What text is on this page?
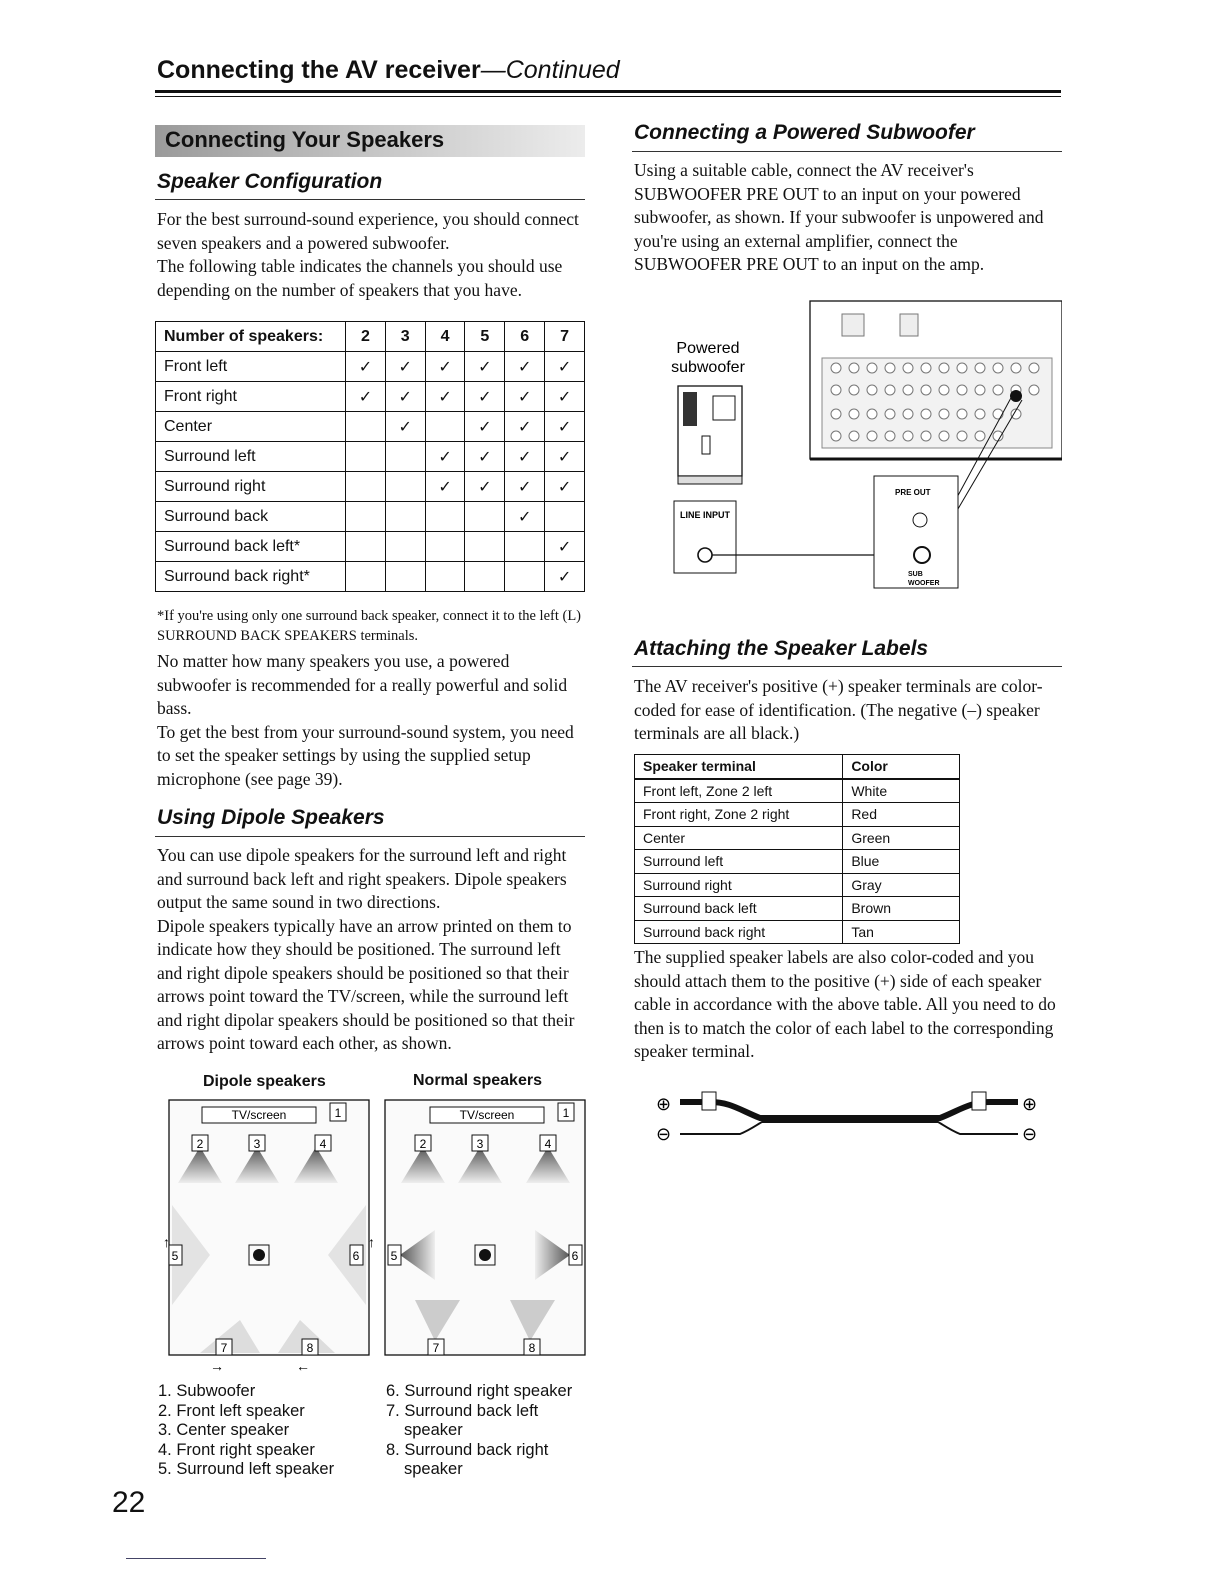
Connecting the AV receiver—Continued
Connecting Your Speakers
Speaker Configuration
For the best surround-sound experience, you should connect seven speakers and a powered subwoofer.
The following table indicates the channels you should use depending on the number of speakers that you have.
Number of speakers:	2	3	4	5	6	7
Front left	✓	✓	✓	✓	✓	✓
Front right	✓	✓	✓	✓	✓	✓
Center		✓		✓	✓	✓
Surround left			✓	✓	✓	✓
Surround right			✓	✓	✓	✓
Surround back					✓	
Surround back left*						✓
Surround back right*						✓
*If you're using only one surround back speaker, connect it to the left (L) SURROUND BACK SPEAKERS terminals.
No matter how many speakers you use, a powered subwoofer is recommended for a really powerful and solid bass.
To get the best from your surround-sound system, you need to set the speaker settings by using the supplied setup microphone (see page 39).
Using Dipole Speakers
You can use dipole speakers for the surround left and right and surround back left and right speakers. Dipole speakers output the same sound in two directions.
Dipole speakers typically have an arrow printed on them to indicate how they should be positioned. The surround left and right dipole speakers should be positioned so that their arrows point toward the TV/screen, while the surround left and right dipolar speakers should be positioned so that their arrows point toward each other, as shown.
Dipole speakers	Normal speakers
TV/screen	1
2	3	4
5	6
↑	↑
7	8
→	←
TV/screen	1
2	3	4
5	6
7	8
1. Subwoofer
2. Front left speaker
3. Center speaker
4. Front right speaker
5. Surround left speaker
6. Surround right speaker
7. Surround back left
speaker
8. Surround back right
speaker
22
Connecting a Powered Subwoofer
Using a suitable cable, connect the AV receiver's SUBWOOFER PRE OUT to an input on your powered subwoofer, as shown. If your subwoofer is unpowered and you're using an external amplifier, connect the SUBWOOFER PRE OUT to an input on the amp.
Powered
subwoofer
LINE INPUT
PRE OUT
SUB
WOOFER
Attaching the Speaker Labels
The AV receiver's positive (+) speaker terminals are color-coded for ease of identification. (The negative (–) speaker terminals are all black.)
Speaker terminal	Color
Front left, Zone 2 left	White
Front right, Zone 2 right	Red
Center	Green
Surround left	Blue
Surround right	Gray
Surround back left	Brown
Surround back right	Tan
The supplied speaker labels are also color-coded and you should attach them to the positive (+) side of each speaker cable in accordance with the above table. All you need to do then is to match the color of each label to the corresponding speaker terminal.
⊕
⊖
⊕
⊖
